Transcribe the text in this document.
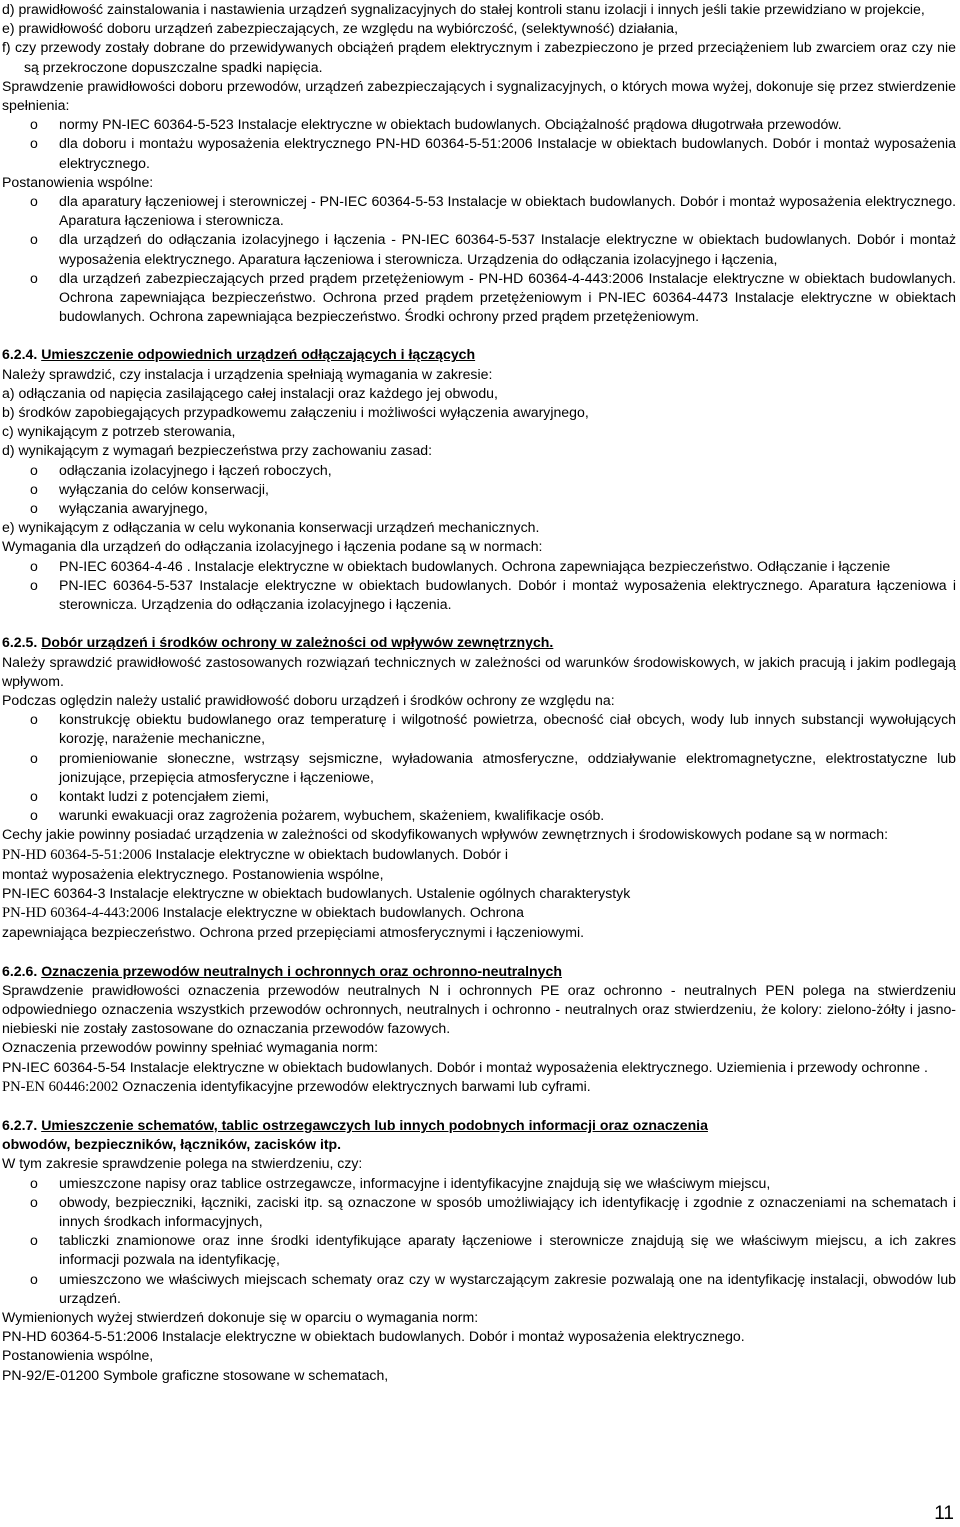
d) prawidłowość zainstalowania i nastawienia urządzeń sygnalizacyjnych do stałej kontroli stanu izolacji i innych jeśli takie przewidziano w projekcie,

e) prawidłowość doboru urządzeń zabezpieczających, ze względu na wybiórczość, (selektywność) działania,

f) czy przewody zostały dobrane do przewidywanych obciążeń prądem elektrycznym i zabezpieczono je przed przeciążeniem lub zwarciem oraz czy nie są przekroczone dopuszczalne spadki napięcia.

Sprawdzenie prawidłowości doboru przewodów, urządzeń zabezpieczających i sygnalizacyjnych, o których mowa wyżej, dokonuje się przez stwierdzenie spełnienia:

o normy PN-IEC 60364-5-523 Instalacje elektryczne w obiektach budowlanych. Obciążalność prądowa długotrwała przewodów.
o dla doboru i montażu wyposażenia elektrycznego PN-HD 60364-5-51:2006 Instalacje w obiektach budowlanych. Dobór i montaż wyposażenia elektrycznego.

Postanowienia wspólne:

o dla aparatury łączeniowej i sterowniczej - PN-IEC 60364-5-53 Instalacje w obiektach budowlanych. Dobór i montaż wyposażenia elektrycznego. Aparatura łączeniowa i sterownicza.
o dla urządzeń do odłączania izolacyjnego i łączenia - PN-IEC 60364-5-537 Instalacje elektryczne w obiektach budowlanych. Dobór i montaż wyposażenia elektrycznego. Aparatura łączeniowa i sterownicza. Urządzenia do odłączania izolacyjnego i łączenia,
o dla urządzeń zabezpieczających przed prądem przetężeniowym - PN-HD 60364-4-443:2006 Instalacje elektryczne w obiektach budowlanych. Ochrona zapewniająca bezpieczeństwo. Ochrona przed prądem przetężeniowym i PN-IEC 60364-4473 Instalacje elektryczne w obiektach budowlanych. Ochrona zapewniająca bezpieczeństwo. Środki ochrony przed prądem przetężeniowym.

6.2.4. Umieszczenie odpowiednich urządzeń odłączających i łączących

Należy sprawdzić, czy instalacja i urządzenia spełniają wymagania w zakresie:

a) odłączania od napięcia zasilającego całej instalacji oraz każdego jej obwodu,

b) środków zapobiegających przypadkowemu załączeniu i możliwości wyłączenia awaryjnego,

c) wynikającym z potrzeb sterowania,

d) wynikającym z wymagań bezpieczeństwa przy zachowaniu zasad:

o odłączania izolacyjnego i łączeń roboczych,
o wyłączania do celów konserwacji,
o wyłączania awaryjnego,

e) wynikającym z odłączania w celu wykonania konserwacji urządzeń mechanicznych.

Wymagania dla urządzeń do odłączania izolacyjnego i łączenia podane są w normach:

o PN-IEC 60364-4-46 . Instalacje elektryczne w obiektach budowlanych. Ochrona zapewniająca bezpieczeństwo. Odłączanie i łączenie
o PN-IEC 60364-5-537 Instalacje elektryczne w obiektach budowlanych. Dobór i montaż wyposażenia elektrycznego. Aparatura łączeniowa i sterownicza. Urządzenia do odłączania izolacyjnego i łączenia.

6.2.5. Dobór urządzeń i środków ochrony w zależności od wpływów zewnętrznych.

Należy sprawdzić prawidłowość zastosowanych rozwiązań technicznych w zależności od warunków środowiskowych, w jakich pracują i jakim podlegają wpływom.

Podczas oględzin należy ustalić prawidłowość doboru urządzeń i środków ochrony ze względu na:

o konstrukcję obiektu budowlanego oraz temperaturę i wilgotność powietrza, obecność ciał obcych, wody lub innych substancji wywołujących korozję, narażenie mechaniczne,
o promieniowanie słoneczne, wstrząsy sejsmiczne, wyładowania atmosferyczne, oddziaływanie elektromagnetyczne, elektrostatyczne lub jonizujące, przepięcia atmosferyczne i łączeniowe,
o kontakt ludzi z potencjałem ziemi,
o warunki ewakuacji oraz zagrożenia pożarem, wybuchem, skażeniem, kwalifikacje osób.

Cechy jakie powinny posiadać urządzenia w zależności od skodyfikowanych wpływów zewnętrznych i środowiskowych podane są w normach:

PN-HD 60364-5-51:2006 Instalacje elektryczne w obiektach budowlanych. Dobór i

montaż wyposażenia elektrycznego. Postanowienia wspólne,

PN-IEC 60364-3 Instalacje elektryczne w obiektach budowlanych. Ustalenie ogólnych charakterystyk

PN-HD 60364-4-443:2006 Instalacje elektryczne w obiektach budowlanych. Ochrona

zapewniająca bezpieczeństwo. Ochrona przed przepięciami atmosferycznymi i łączeniowymi.

6.2.6. Oznaczenia przewodów neutralnych i ochronnych oraz ochronno-neutralnych

Sprawdzenie prawidłowości oznaczenia przewodów neutralnych N i ochronnych PE oraz ochronno - neutralnych PEN polega na stwierdzeniu odpowiedniego oznaczenia wszystkich przewodów ochronnych, neutralnych i ochronno - neutralnych oraz stwierdzeniu, że kolory: zielono-żółty i jasno-niebieski nie zostały zastosowane do oznaczania przewodów fazowych.

Oznaczenia przewodów powinny spełniać wymagania norm:

PN-IEC 60364-5-54 Instalacje elektryczne w obiektach budowlanych. Dobór i montaż wyposażenia elektrycznego. Uziemienia i przewody ochronne .

PN-EN 60446:2002 Oznaczenia identyfikacyjne przewodów elektrycznych barwami lub cyframi.

6.2.7. Umieszczenie schematów, tablic ostrzegawczych lub innych podobnych informacji oraz oznaczenia

obwodów, bezpieczników, łączników, zacisków itp.

W tym zakresie sprawdzenie polega na stwierdzeniu, czy:

o umieszczone napisy oraz tablice ostrzegawcze, informacyjne i identyfikacyjne znajdują się we właściwym miejscu,
o obwody, bezpieczniki, łączniki, zaciski itp. są oznaczone w sposób umożliwiający ich identyfikację i zgodnie z oznaczeniami na schematach i innych środkach informacyjnych,
o tabliczki znamionowe oraz inne środki identyfikujące aparaty łączeniowe i sterownicze znajdują się we właściwym miejscu, a ich zakres informacji pozwala na identyfikację,
o umieszczono we właściwych miejscach schematy oraz czy w wystarczającym zakresie pozwalają one na identyfikację instalacji, obwodów lub urządzeń.

Wymienionych wyżej stwierdzeń dokonuje się w oparciu o wymagania norm:

PN-HD 60364-5-51:2006 Instalacje elektryczne w obiektach budowlanych. Dobór i montaż wyposażenia elektrycznego.

Postanowienia wspólne,

PN-92/E-01200 Symbole graficzne stosowane w schematach,

11
